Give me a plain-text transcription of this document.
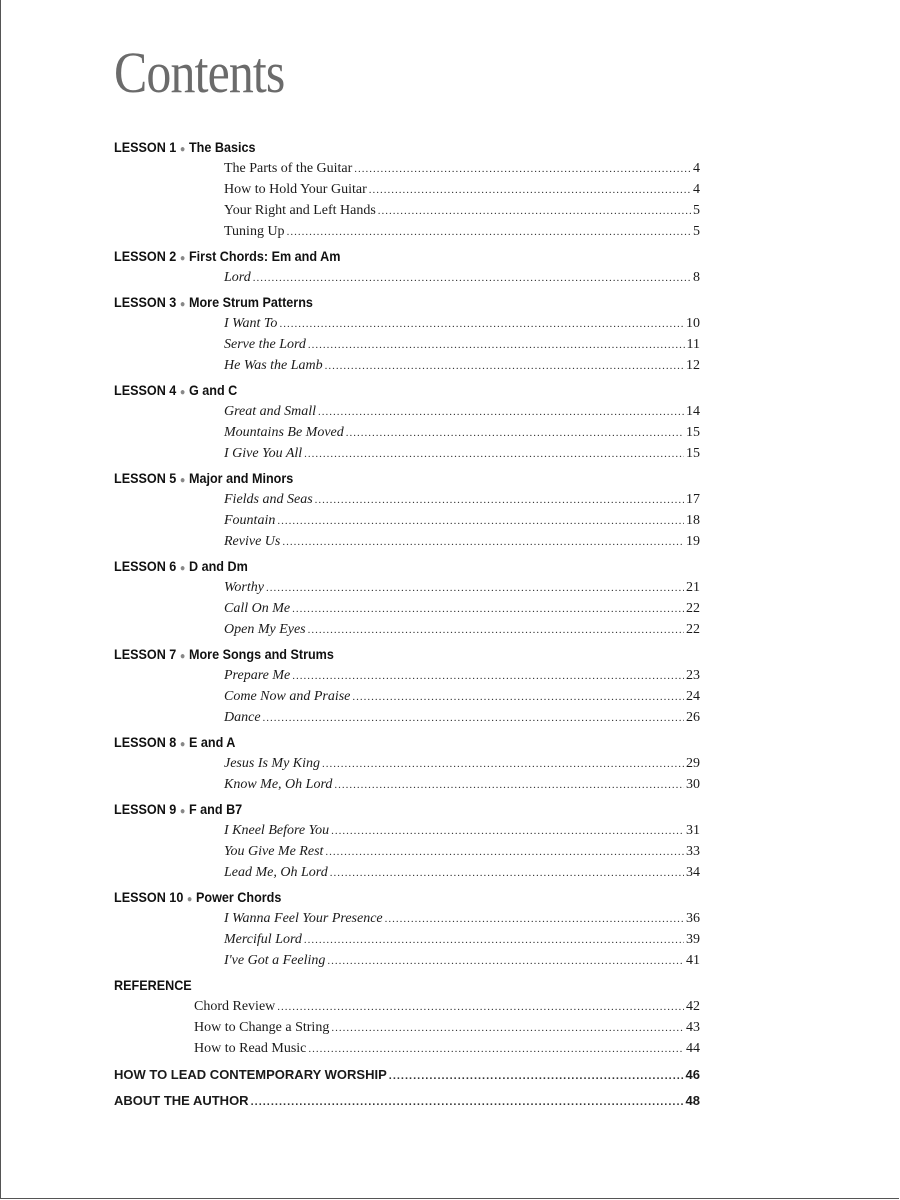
Contents
LESSON 1 ● The Basics
The Parts of the Guitar .....	4
How to Hold Your Guitar .....	4
Your Right and Left Hands .....	5
Tuning Up .....	5
LESSON 2 ● First Chords: Em and Am
Lord .....	8
LESSON 3 ● More Strum Patterns
I Want To .....	10
Serve the Lord .....	11
He Was the Lamb .....	12
LESSON 4 ● G and C
Great and Small .....	14
Mountains Be Moved .....	15
I Give You All .....	15
LESSON 5 ● Major and Minors
Fields and Seas .....	17
Fountain .....	18
Revive Us .....	19
LESSON 6 ● D and Dm
Worthy .....	21
Call On Me .....	22
Open My Eyes .....	22
LESSON 7 ● More Songs and Strums
Prepare Me .....	23
Come Now and Praise .....	24
Dance .....	26
LESSON 8 ● E and A
Jesus Is My King .....	29
Know Me, Oh Lord .....	30
LESSON 9 ● F and B7
I Kneel Before You .....	31
You Give Me Rest .....	33
Lead Me, Oh Lord .....	34
LESSON 10 ● Power Chords
I Wanna Feel Your Presence .....	36
Merciful Lord .....	39
I've Got a Feeling .....	41
REFERENCE
Chord Review .....	42
How to Change a String .....	43
How to Read Music .....	44
HOW TO LEAD CONTEMPORARY WORSHIP .....	46
ABOUT THE AUTHOR .....	48
